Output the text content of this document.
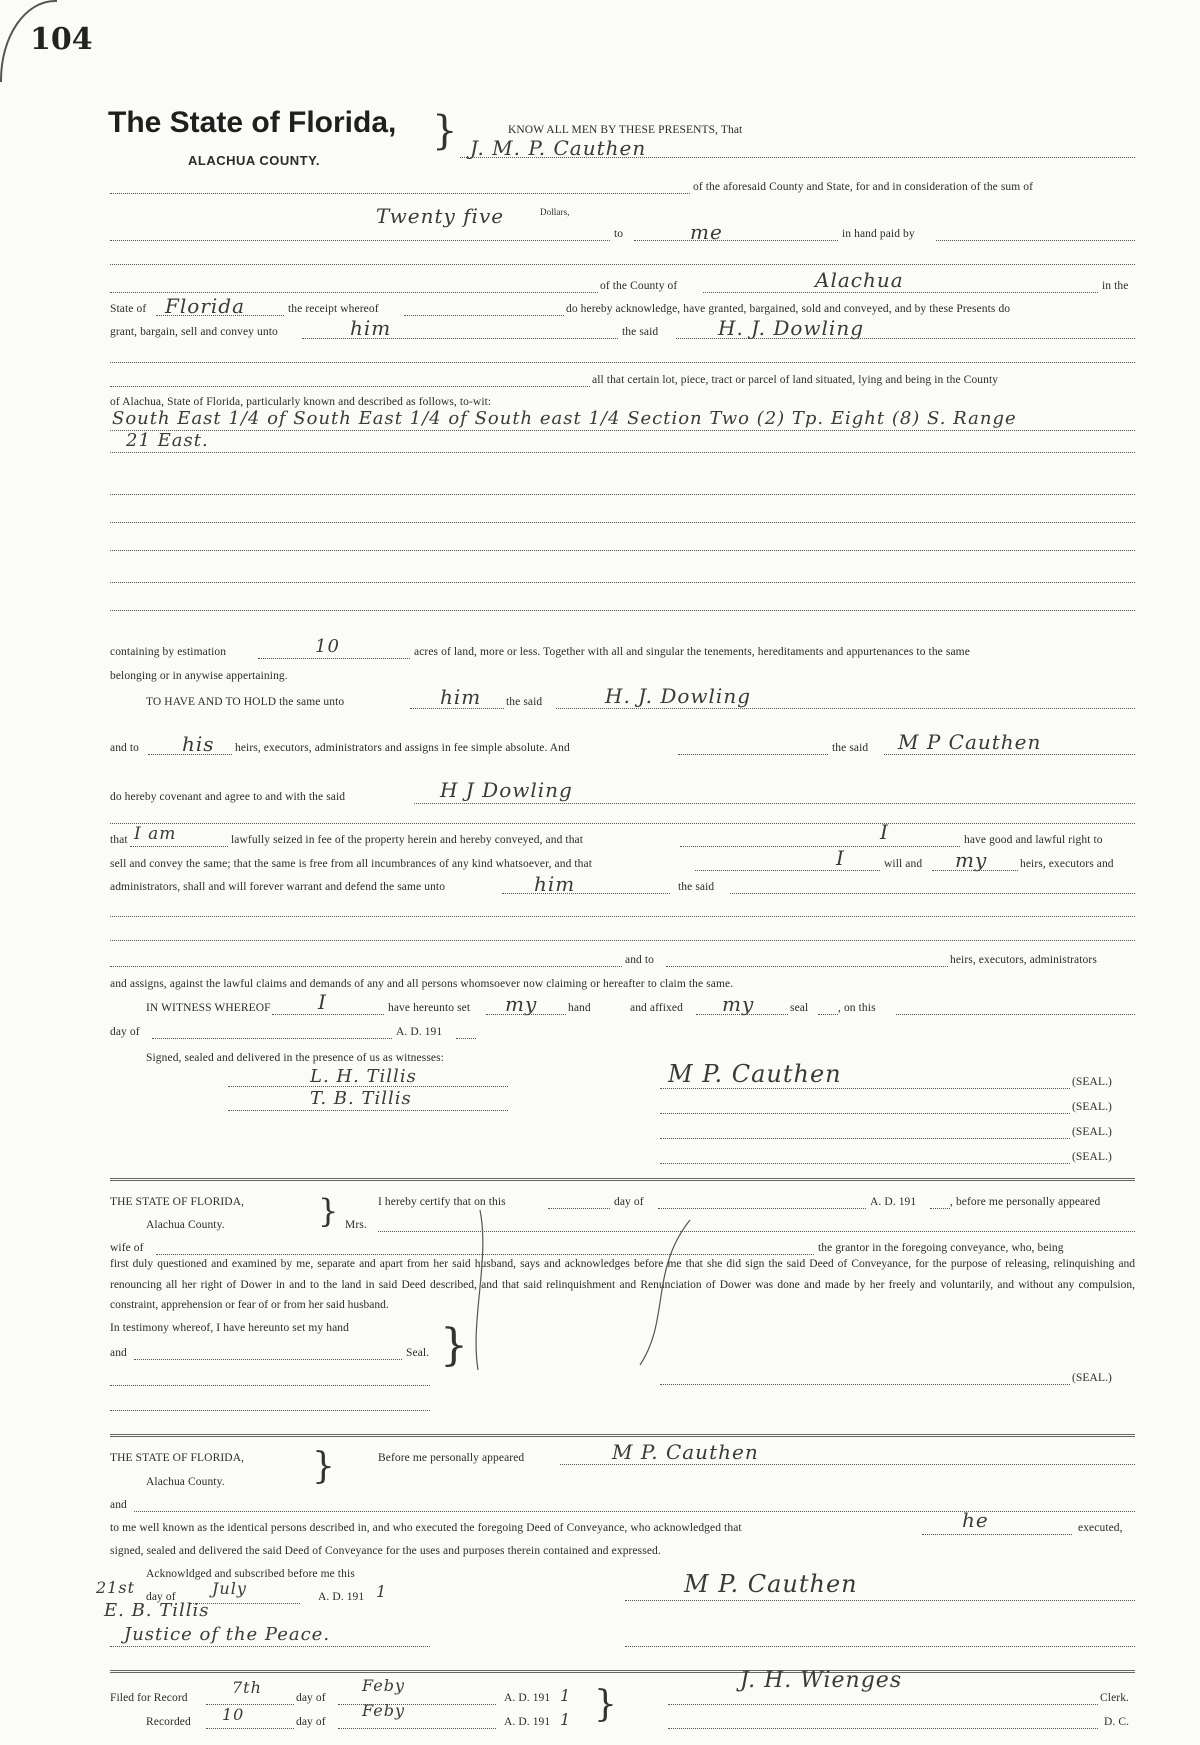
104
The State of Florida,
ALACHUA COUNTY.
}	KNOW ALL MEN BY THESE PRESENTS, That
J. M. P. Cauthen
of the aforesaid County and State, for and in consideration of the sum of
Twenty five	Dollars,
to	me	in hand paid by
of the County of	Alachua	in the
State of Florida	the receipt whereof	do hereby acknowledge, have granted, bargained, sold and conveyed, and by these Presents do
grant, bargain, sell and convey unto	him	the said	H. J. Dowling
all that certain lot, piece, tract or parcel of land situated, lying and being in the County
of Alachua, State of Florida, particularly known and described as follows, to-wit:
South East 1/4 of South East 1/4 of South east 1/4 Section Two (2) Tp. Eight (8) S. Range
21 East.
containing by estimation	10	acres of land, more or less. Together with all and singular the tenements, hereditaments and appurtenances to the same
belonging or in anywise appertaining.
TO HAVE AND TO HOLD the same unto	him the said	H. J. Dowling
and to his heirs, executors, administrators and assigns in fee simple absolute. And	the said M P Cauthen
do hereby covenant and agree to and with the said	H J Dowling
that I am	lawfully seized in fee of the property herein and hereby conveyed, and that	I	have good and lawful right to
sell and convey the same; that the same is free from all incumbrances of any kind whatsoever, and that	I	will and my	heirs, executors and
administrators, shall and will forever warrant and defend the same unto	him	the said
and to	heirs, executors, administrators
and assigns, against the lawful claims and demands of any and all persons whomsoever now claiming or hereafter to claim the same.
IN WITNESS WHEREOF I	have hereunto set my	hand	and affixed my	seal	, on this
day of	A. D. 191
Signed, sealed and delivered in the presence of us as witnesses:
L. H. Tillis
T. B. Tillis
M P. Cauthen	(SEAL.)
(SEAL.)
(SEAL.)
(SEAL.)
THE STATE OF FLORIDA,
Alachua County.	}	I hereby certify that on this	day of	A. D. 191	, before me personally appeared
Mrs.
wife of	the grantor in the foregoing conveyance, who, being
first duly questioned and examined by me, separate and apart from her said husband, says and acknowledges before me that she did sign the said Deed of Conveyance, for the purpose of releasing, relinquishing and renouncing all her right of Dower in and to the land in said Deed described, and that said relinquishment and Renunciation of Dower was done and made by her freely and voluntarily, and without any compulsion, constraint, apprehension or fear of or from her said husband.
In testimony whereof, I have hereunto set my hand
and	Seal. }
(SEAL.)
THE STATE OF FLORIDA,
Alachua County. }	Before me personally appeared	M P. Cauthen
and
to me well known as the identical persons described in, and who executed the foregoing Deed of Conveyance, who acknowledged that	he	executed,
signed, sealed and delivered the said Deed of Conveyance for the uses and purposes therein contained and expressed.
Acknowldged and subscribed before me this
21st day of July	A. D. 191 1
E. B. Tillis
Justice of the Peace.
M P. Cauthen
Filed for Record
7th
day of
Feby
A. D. 191 1
Recorded 10	day of
Feby
A. D. 191 1 }
J. H. Wienges
Clerk.
D. C.
